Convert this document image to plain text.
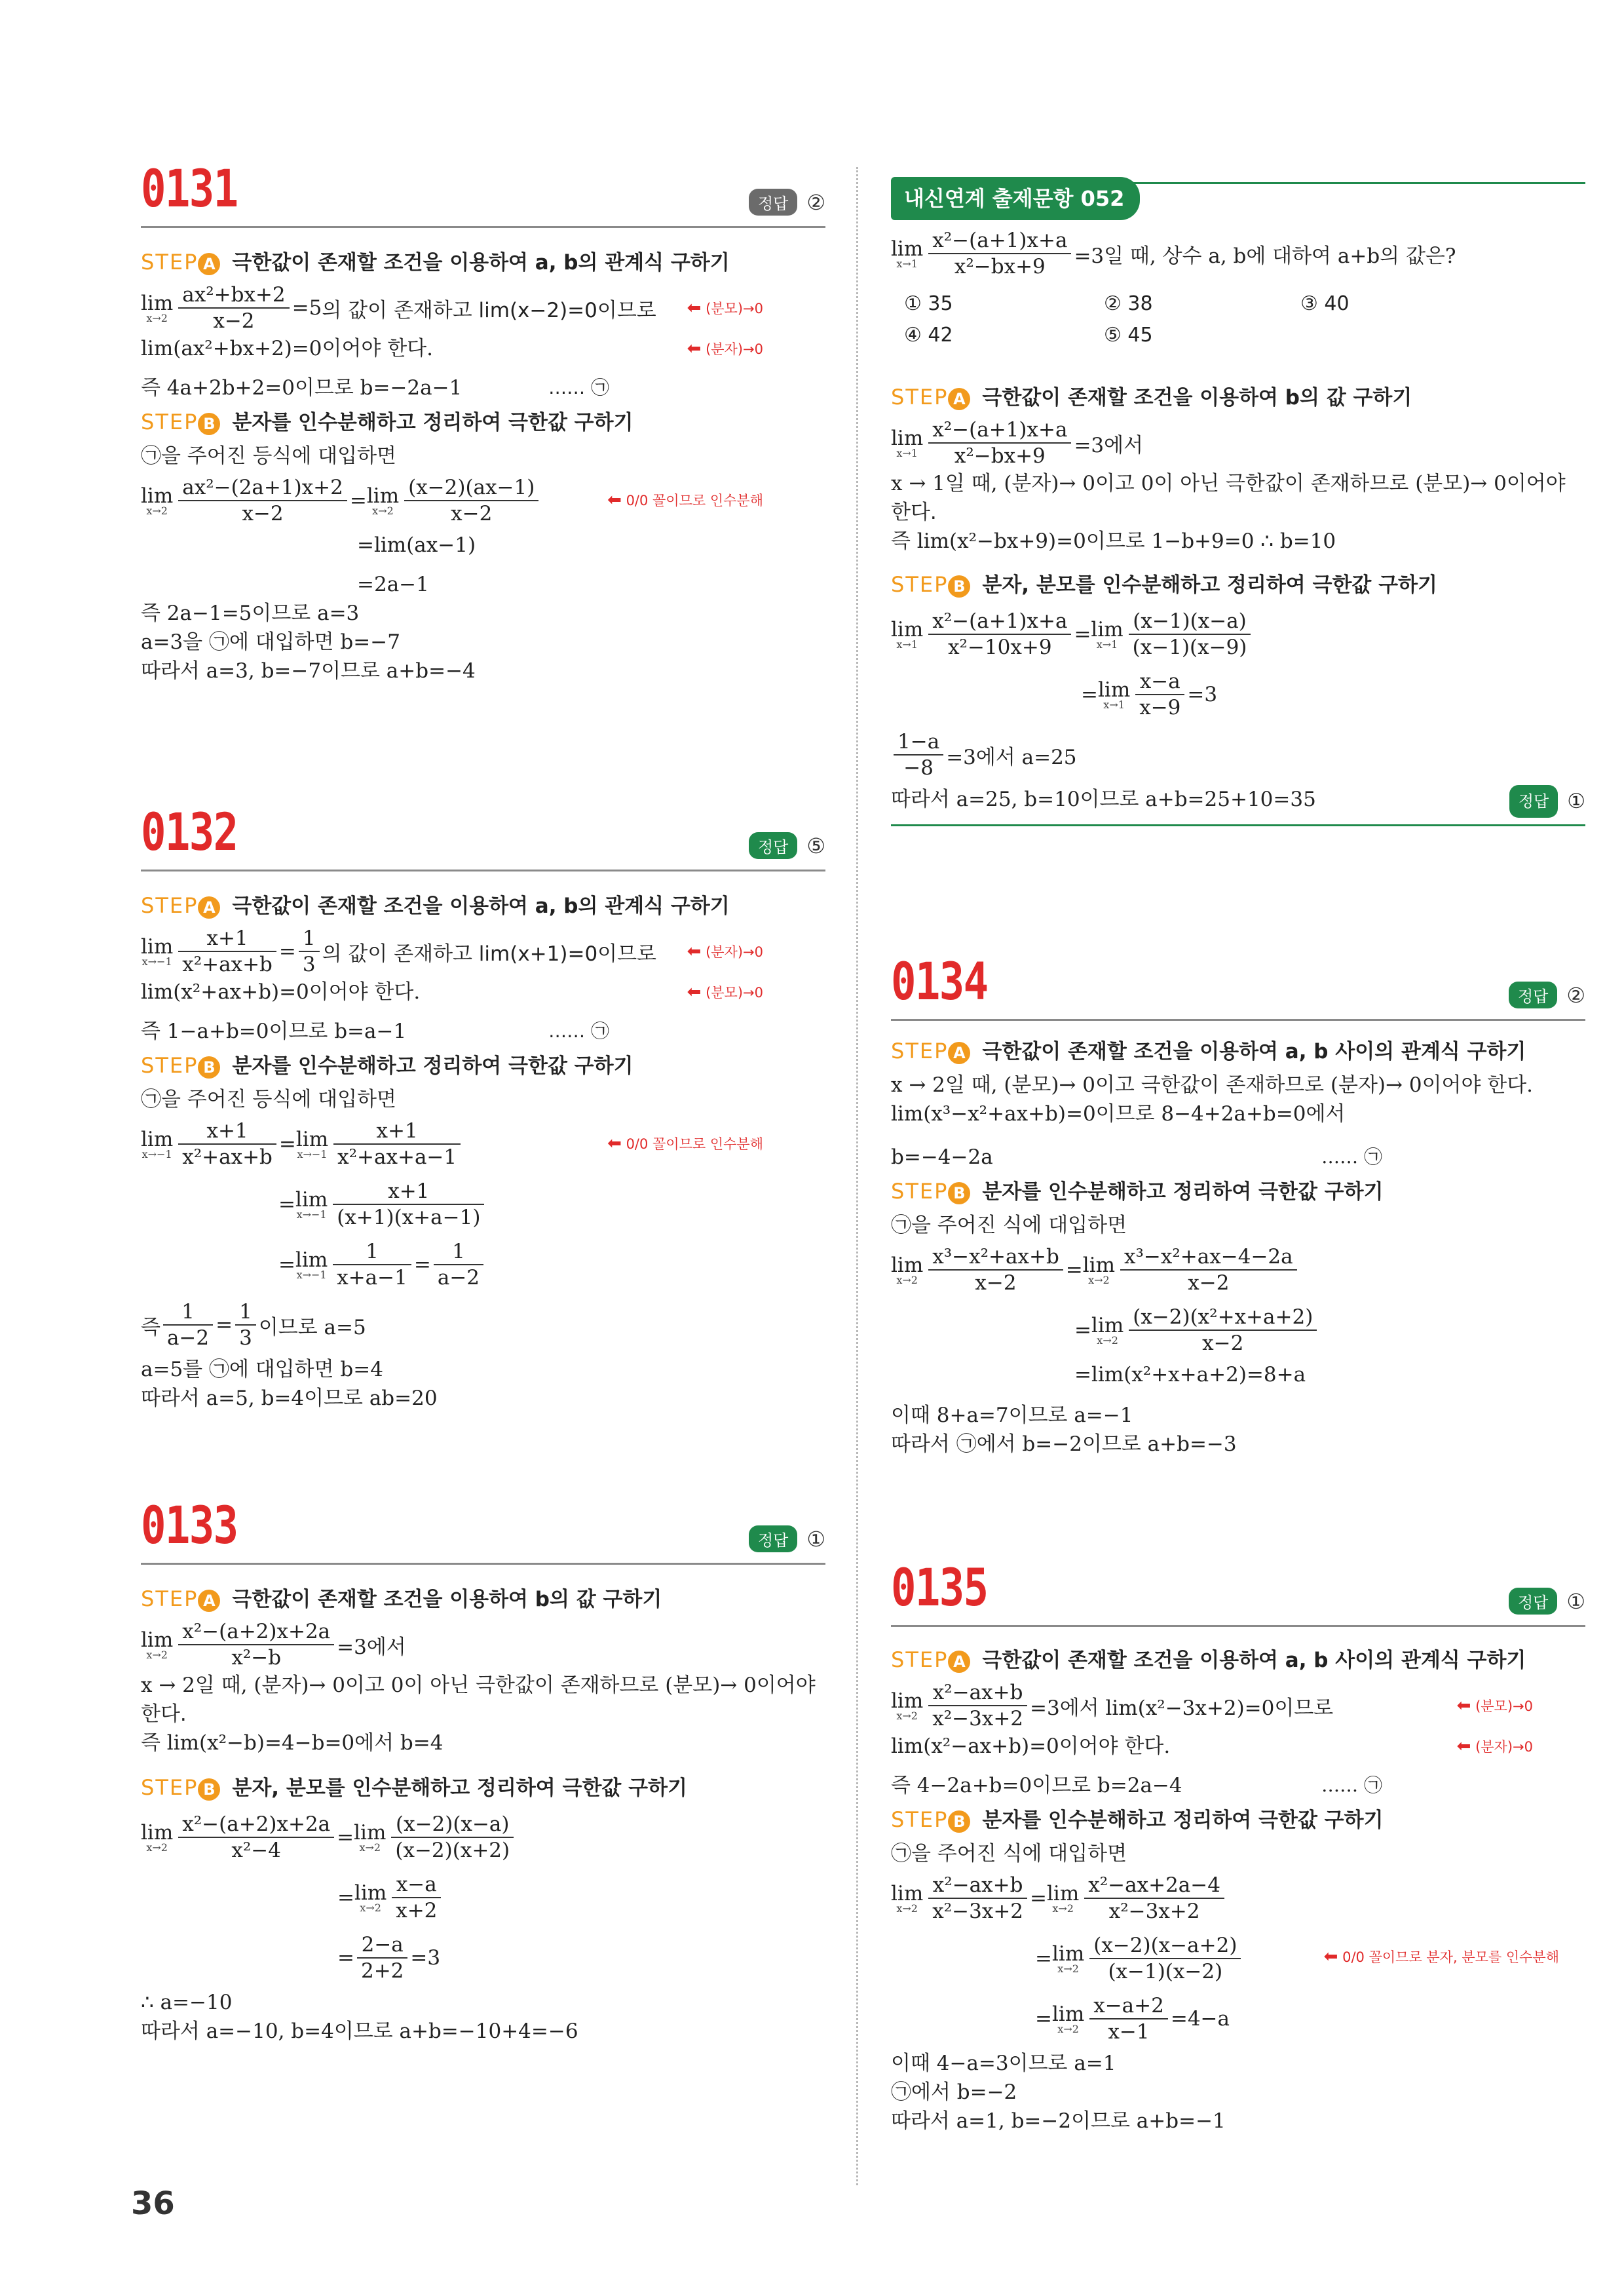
0131	정답 ②
STEP A 극한값이 존재할 조건을 이용하여 a, b의 관계식 구하기
lim
$x\to 2 \frac{\text{ax²+bx+2}}{x-2} =5$ 의 값이 존재하고 lim(x−2)=0이므로 ⬅ (분모)→0
lim(ax²+bx+2)=0이어야 한다.	⬅ (분자)→0
즉 4a+2b+2=0이므로 b=−2a−1	…… ㉠
STEP B 분자를 인수분해하고 정리하여 극한값 구하기
㉠을 주어진 등식에 대입하면
lim
$x\to 2 \frac{\text{ax²−(2a+1)x+2}}{x-2} = \lim$
$x\to 2 \frac{(x-2)(ax-1)}{x-2}$	⬅ 0/0 꼴이므로 인수분해
=lim(ax−1)
=2a−1
즉 2a−1=5이므로 a=3
a=3을 ㉠에 대입하면 b=−7
따라서 a=3, b=−7이므로 a+b=−4
0132	정답 ⑤
STEP A 극한값이 존재할 조건을 이용하여 a, b의 관계식 구하기
lim
$x\to-1 \frac{x+1}{\text{x²+ax+b}} = \frac{1}{3}$ 의 값이 존재하고 lim(x+1)=0이므로 ⬅ (분자)→0
lim(x²+ax+b)=0이어야 한다.	⬅ (분모)→0
즉 1−a+b=0이므로 b=a−1	…… ㉠
STEP B 분자를 인수분해하고 정리하여 극한값 구하기
㉠을 주어진 등식에 대입하면
lim
$x\to-1 \frac{x+1}{\text{x²+ax+b}} = \lim$
$x\to-1 \frac{x+1}{\text{x²+ax+a−1}}$	⬅ 0/0 꼴이므로 인수분해
= lim
$x\to-1 \frac{x+1}{(x+1)(x+a-1)}$
= lim
$x\to-1 \frac{1}{x+a-1} = \frac{1}{a-2}$
즉 $\frac{1}{a-2} = \frac{1}{3}$ 이므로 a=5
a=5를 ㉠에 대입하면 b=4
따라서 a=5, b=4이므로 ab=20
0133	정답 ①
STEP A 극한값이 존재할 조건을 이용하여 b의 값 구하기
lim
$x\to 2 \frac{\text{x²−(a+2)x+2a}}{\text{x²−b}} =3$에서
x → 2일 때, (분자)→ 0이고 0이 아닌 극한값이 존재하므로 (분모)→ 0이어야
한다.
즉 lim(x²−b)=4−b=0에서 b=4
STEP B 분자, 분모를 인수분해하고 정리하여 극한값 구하기
lim
$x\to 2 \frac{\text{x²−(a+2)x+2a}}{\text{x²−4}} = \lim$
$x\to 2 \frac{(x-2)(x-a)}{(x-2)(x+2)}$
= lim
$x\to 2 \frac{x-a}{x+2}$
= $\frac{2-a}{2+2} =3$
∴ a=−10
따라서 a=−10, b=4이므로 a+b=−10+4=−6
내신연계 출제문항 052
lim
$x\to 1 \frac{\text{x²−(a+1)x+a}}{\text{x²−bx+9}} =3$일 때, 상수 a, b에 대하여 a+b의 값은?
① 35	② 38	③ 40
④ 42	⑤ 45
STEP A 극한값이 존재할 조건을 이용하여 b의 값 구하기
lim
$x\to 1 \frac{\text{x²−(a+1)x+a}}{\text{x²−bx+9}} =3$에서
x → 1일 때, (분자)→ 0이고 0이 아닌 극한값이 존재하므로 (분모)→ 0이어야
한다.
즉 lim(x²−bx+9)=0이므로 1−b+9=0 ∴ b=10
STEP B 분자, 분모를 인수분해하고 정리하여 극한값 구하기
lim
$x\to 1 \frac{\text{x²−(a+1)x+a}}{\text{x²−10x+9}} = \lim$
$x\to 1 \frac{(x-1)(x-a)}{(x-1)(x-9)}$
= lim
$x\to 1 \frac{x-a}{x-9} =3$
$\frac{1-a}{-8} =3$에서 a=25
따라서 a=25, b=10이므로 a+b=25+10=35	정답 ①
0134	정답 ②
STEP A 극한값이 존재할 조건을 이용하여 a, b 사이의 관계식 구하기
x → 2일 때, (분모)→ 0이고 극한값이 존재하므로 (분자)→ 0이어야 한다.
lim(x³−x²+ax+b)=0이므로 8−4+2a+b=0에서
b=−4−2a	…… ㉠
STEP B 분자를 인수분해하고 정리하여 극한값 구하기
㉠을 주어진 식에 대입하면
lim
$x\to 2 \frac{\text{x³−x²+ax+b}}{x-2} = \lim$
$x\to 2 \frac{\text{x³−x²+ax−4−2a}}{x-2}$
= lim
$x\to 2 \frac{\text{(x−2)(x²+x+a+2)}}{x-2}$
=lim(x²+x+a+2)=8+a
이때 8+a=7이므로 a=−1
따라서 ㉠에서 b=−2이므로 a+b=−3
0135	정답 ①
STEP A 극한값이 존재할 조건을 이용하여 a, b 사이의 관계식 구하기
lim
$x\to 2 \frac{\text{x²−ax+b}}{\text{x²−3x+2}} =3$에서 lim(x²−3x+2)=0이므로	⬅ (분모)→0
lim(x²−ax+b)=0이어야 한다.	⬅ (분자)→0
즉 4−2a+b=0이므로 b=2a−4	…… ㉠
STEP B 분자를 인수분해하고 정리하여 극한값 구하기
㉠을 주어진 식에 대입하면
lim
$x\to 2 \frac{\text{x²−ax+b}}{\text{x²−3x+2}} = \lim$
$x\to 2 \frac{\text{x²−ax+2a−4}}{\text{x²−3x+2}}$
= lim
$x\to 2 \frac{(x-2)(x-a+2)}{(x-1)(x-2)}$	⬅ 0/0 꼴이므로 분자, 분모를 인수분해
= lim
$x\to 2 \frac{x-a+2}{x-1} =4-a$
이때 4−a=3이므로 a=1
㉠에서 b=−2
따라서 a=1, b=−2이므로 a+b=−1
36
